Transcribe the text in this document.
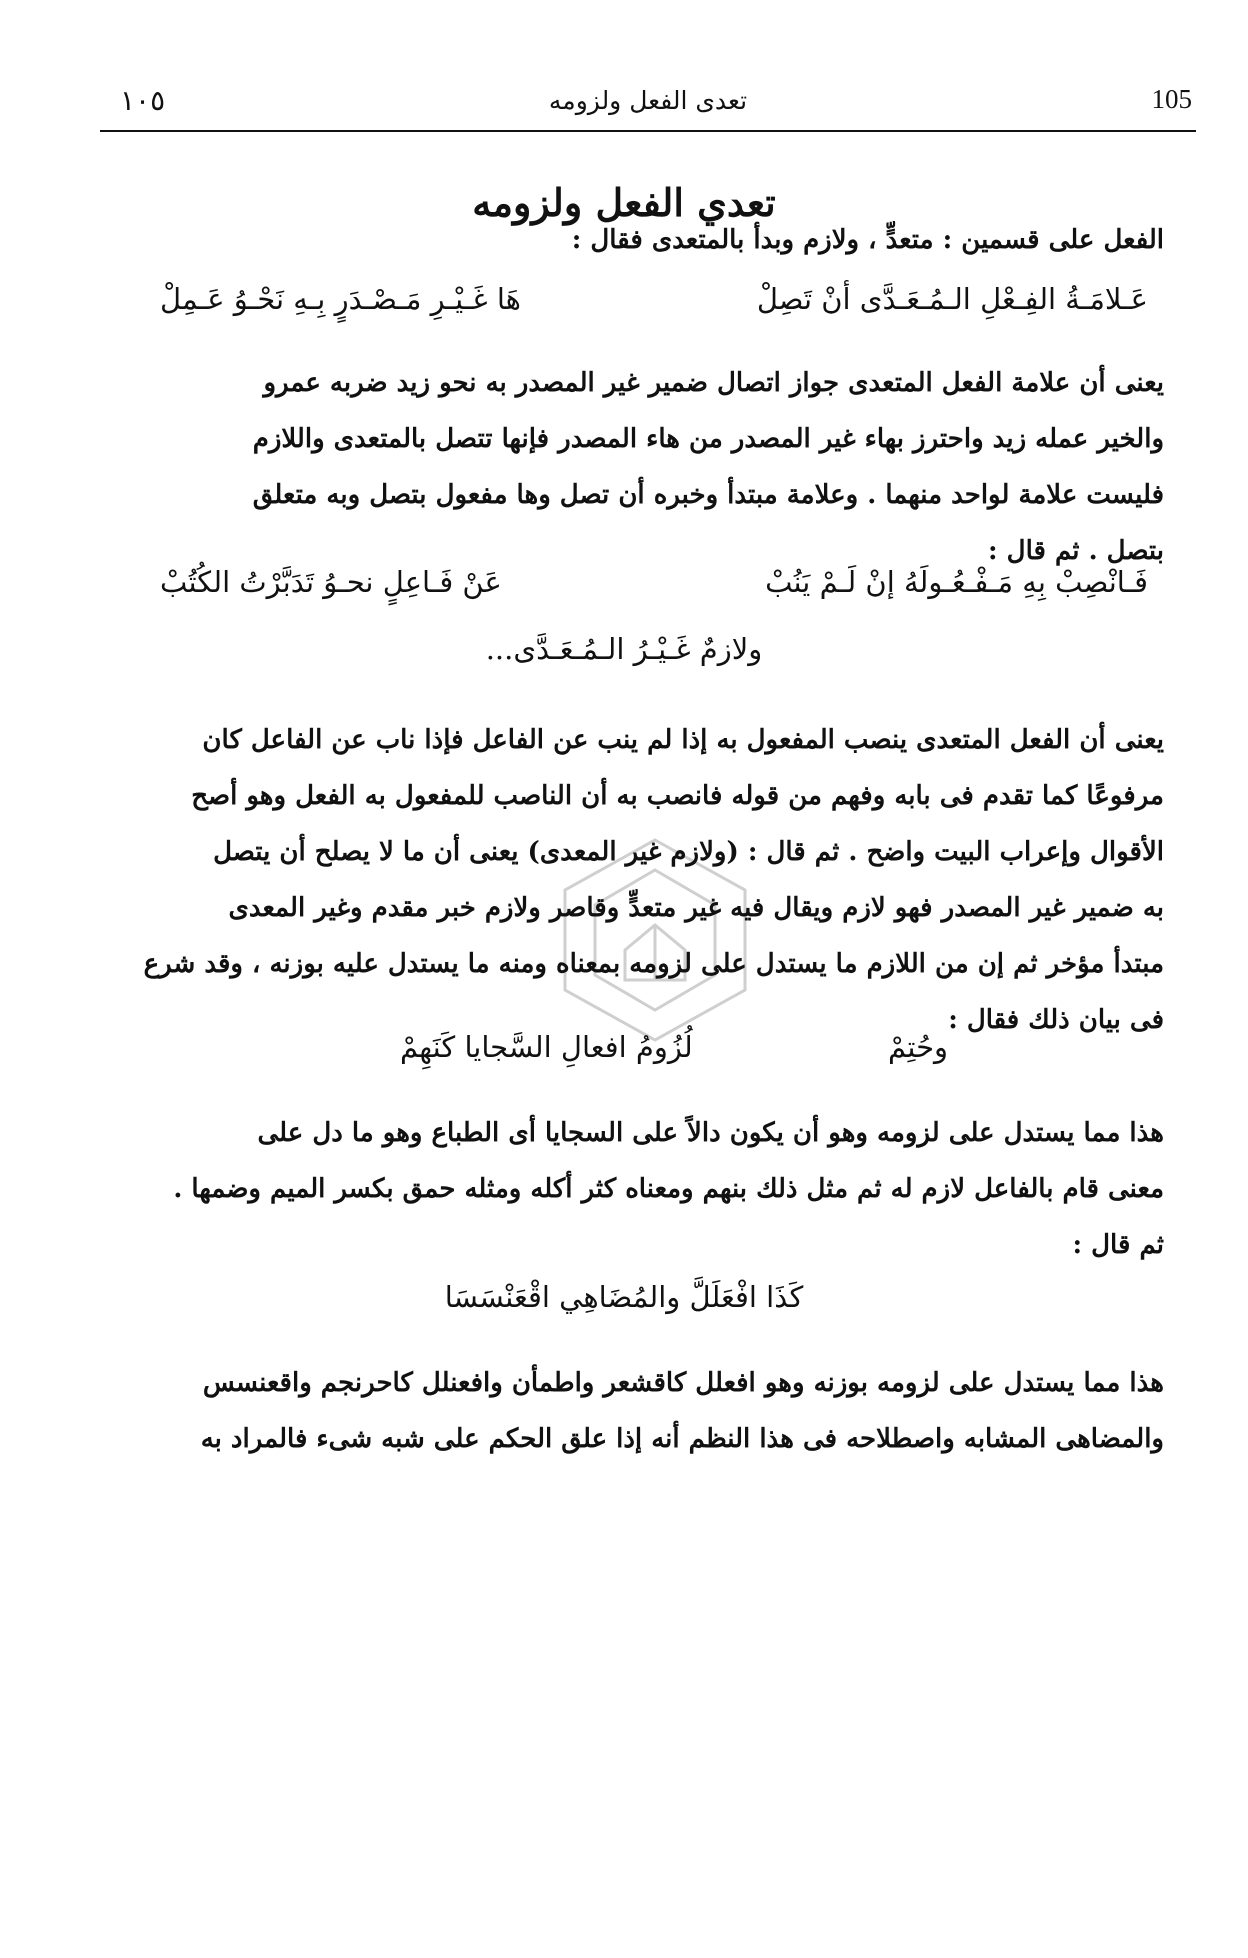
105
تعدى الفعل ولزومه
١٠٥
تعدي الفعل ولزومه
الفعل على قسمين : متعدٍّ ، ولازم وبدأ بالمتعدى فقال :
عَـلامَـةُ الفِـعْلِ الـمُـعَـدَّى أنْ تَصِلْ
هَا غَـيْـرِ مَـصْـدَرٍ بِـهِ نَحْـوُ عَـمِلْ
يعنى أن علامة الفعل المتعدى جواز اتصال ضمير غير المصدر به نحو زيد ضربه عمرو
والخير عمله زيد واحترز بهاء غير المصدر من هاء المصدر فإنها تتصل بالمتعدى واللازم
فليست علامة لواحد منهما . وعلامة مبتدأ وخبره أن تصل وها مفعول بتصل وبه متعلق
بتصل . ثم قال :
فَـانْصِبْ بِهِ مَـفْـعُـولَهُ إنْ لَـمْ يَنُبْ
عَنْ فَـاعِلٍ نحـوُ تَدَبَّرْتُ الكُتُبْ
ولازمٌ غَـيْـرُ الـمُـعَـدَّى...
يعنى أن الفعل المتعدى ينصب المفعول به إذا لم ينب عن الفاعل فإذا ناب عن الفاعل كان
مرفوعًا كما تقدم فى بابه وفهم من قوله فانصب به أن الناصب للمفعول به الفعل وهو أصح
الأقوال وإعراب البيت واضح . ثم قال : (ولازم غير المعدى) يعنى أن ما لا يصلح أن يتصل
به ضمير غير المصدر فهو لازم ويقال فيه غير متعدٍّ وقاصر ولازم خبر مقدم وغير المعدى
مبتدأ مؤخر ثم إن من اللازم ما يستدل على لزومه بمعناه ومنه ما يستدل عليه بوزنه ، وقد شرع
فى بيان ذلك فقال :
وحُتِمْ
لُزُومُ افعالِ السَّجايا كَنَهِمْ
هذا مما يستدل على لزومه وهو أن يكون دالاً على السجايا أى الطباع وهو ما دل على
معنى قام بالفاعل لازم له ثم مثل ذلك بنهم ومعناه كثر أكله ومثله حمق بكسر الميم وضمها .
ثم قال :
كَذَا افْعَلَلَّ والمُضَاهِي اقْعَنْسَسَا
هذا مما يستدل على لزومه بوزنه وهو افعلل كاقشعر واطمأن وافعنلل كاحرنجم واقعنسس
والمضاهى المشابه واصطلاحه فى هذا النظم أنه إذا علق الحكم على شبه شىء فالمراد به
